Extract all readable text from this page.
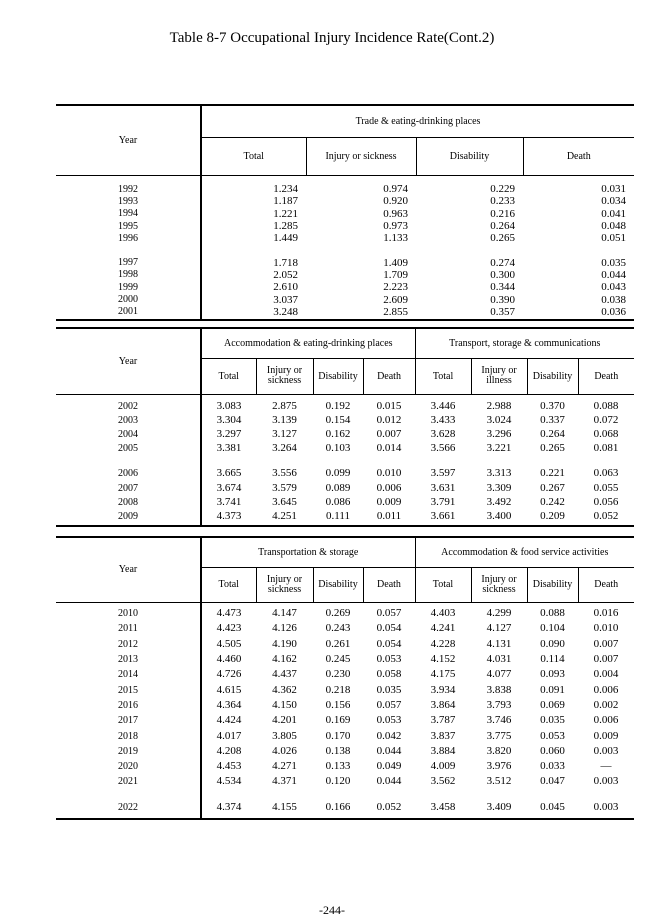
Table 8-7 Occupational Injury Incidence Rate(Cont.2)
Year	Trade & eating-drinking places			
	Total	Injury or sickness	Disability	Death

1992	1.234	0.974	0.229	0.031
1993	1.187	0.920	0.233	0.034
1994	1.221	0.963	0.216	0.041
1995	1.285	0.973	0.264	0.048
1996	1.449	1.133	0.265	0.051

1997	1.718	1.409	0.274	0.035
1998	2.052	1.709	0.300	0.044
1999	2.610	2.223	0.344	0.043
2000	3.037	2.609	0.390	0.038
2001	3.248	2.855	0.357	0.036

Year	Accommodation & eating-drinking places				Transport, storage & communications			
	Total	Injury or sickness	Disability	Death	Total	Injury or illness	Disability	Death

2002	3.083	2.875	0.192	0.015	3.446	2.988	0.370	0.088
2003	3.304	3.139	0.154	0.012	3.433	3.024	0.337	0.072
2004	3.297	3.127	0.162	0.007	3.628	3.296	0.264	0.068
2005	3.381	3.264	0.103	0.014	3.566	3.221	0.265	0.081

2006	3.665	3.556	0.099	0.010	3.597	3.313	0.221	0.063
2007	3.674	3.579	0.089	0.006	3.631	3.309	0.267	0.055
2008	3.741	3.645	0.086	0.009	3.791	3.492	0.242	0.056
2009	4.373	4.251	0.111	0.011	3.661	3.400	0.209	0.052

Year	Transportation & storage				Accommodation & food service activities			
	Total	Injury or sickness	Disability	Death	Total	Injury or sickness	Disability	Death

2010	4.473	4.147	0.269	0.057	4.403	4.299	0.088	0.016
2011	4.423	4.126	0.243	0.054	4.241	4.127	0.104	0.010
2012	4.505	4.190	0.261	0.054	4.228	4.131	0.090	0.007
2013	4.460	4.162	0.245	0.053	4.152	4.031	0.114	0.007
2014	4.726	4.437	0.230	0.058	4.175	4.077	0.093	0.004
2015	4.615	4.362	0.218	0.035	3.934	3.838	0.091	0.006
2016	4.364	4.150	0.156	0.057	3.864	3.793	0.069	0.002
2017	4.424	4.201	0.169	0.053	3.787	3.746	0.035	0.006
2018	4.017	3.805	0.170	0.042	3.837	3.775	0.053	0.009
2019	4.208	4.026	0.138	0.044	3.884	3.820	0.060	0.003
2020	4.453	4.271	0.133	0.049	4.009	3.976	0.033	—
2021	4.534	4.371	0.120	0.044	3.562	3.512	0.047	0.003

2022	4.374	4.155	0.166	0.052	3.458	3.409	0.045	0.003

-244-
